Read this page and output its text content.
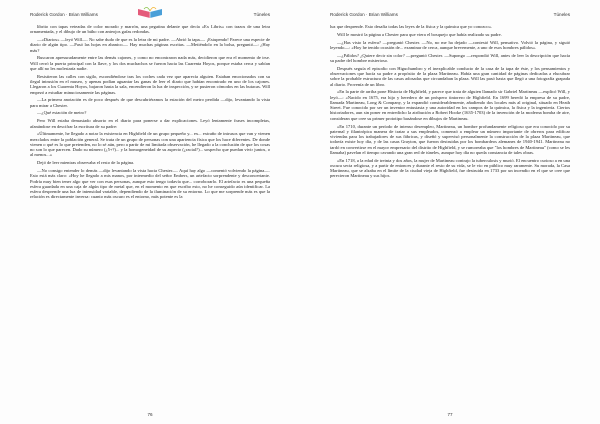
Roderick Gordon · Brian Williams	Túneles

librito con tapas veteadas de color morado y marrón, una pegatina delante que decía «Ex Libris» con trazos de una letra ornamentada, y el dibujo de un búho con anteojos gafas redondas.

—«Diarios» —leyó Will—. No sabe dudo de que es la letra de mi padre. —Abrió la tapa—. ¡Estupendo! Parece una especie de diario de algún tipo. —Pasó las hojas en abanico—. Hay muchas páginas escritas. —Metiéndolo en la bolsa, preguntó—: ¿Hay más?

Buscaron apresuradamente entre las demás cajones, y como no encontraron nada más, decidieron que era el momento de irse. Will cerró la puerta principal con la llave, y los dos muchachos se fueron hacia las Cuarenta Hoyos, porque estaba cerca y sabían que allí no les molestaría nadie.

Resistieron las calles con sigilo, escondiéndose tras los coches cada vez que aparecía alguien. Estaban emocionados con su ilegal intrusión en el museo, y apenas podían aguantar las ganas de leer el diario que habían encontrado en uno de los cajones. Llegaron a los Cuarenta Hoyos, bajaron hasta la sala, encendieron la luz de inspección, y se pusieron cómodos en las butacas. Will empezó a estudiar minuciosamente las páginas.

—La primera anotación es de poco después de que descubriéramos la estación del metro perdida —dijo, levantando la vista para mirar a Chester.

—¿Qué estación de metro?

Pero Will estaba demasiado absorto en el diario para ponerse a dar explicaciones. Leyó lentamente frases incompletas, afanándose en descifrar la escritura de su padre:

«Últimamente, he llegado a notar la existencia en Highfield de un grupo pequeño y... ex... extraño de intrusos que van y vienen mezclados entre la población general. Se trata de un grupo de personas con una apariencia física que los hace diferentes. De donde vienen o qué es lo que pretenden, no lo sé aún, pero a partir de mi limitada observación, he llegado a la conclusión de que los cosas no son lo que parecen. Dado su número (¿5+?)... y la homogeneidad de su aspecto (¿racial?)... sospecho que puedan vivir juntos, o al menos...»

Dejó de leer mientras observaba el resto de la página.

—No consigo entender lo demás —dijo levantando la vista hacia Chester—. Aquí hay algo —comentó volviendo la página—. Esto está más claro: «Hoy he llegado a mis manos, por intermedio del señor Embers, un artefacto sorprendente y desconcertante. Podría muy bien tener algo que ver con esas personas, aunque esto tengo todavía que... corroborarlo. El artefacto es una pequeña esfera guardada en una caja de algún tipo de metal que, en el momento en que escribo esto, no he conseguido aún identificar. La esfera desprende una luz de intensidad variable, dependiendo de la iluminación de su entorno. Lo que me sorprende más es que la relación es directamente inversa: cuanto más oscuro es el entorno, más potente es la

76
Roderick Gordon · Brian Williams	Túneles

luz que desprende. Esto desafía todas las leyes de la física y la química que yo conozco».

Will le mostró la página a Chester para que viera el bosquejo que había realizado su padre.

—¿Has visto la esfera? —preguntó Chester. —No, no me ha dejado —contestó Will, pensativo. Volvió la página, y siguió leyendo—: «Hoy he tenido ocasión de... examinar de cerca, aunque brevemente, a uno de esos hombres pálidos».

—¿Pálidos? ¿Quiere decir sin color? —preguntó Chester. —Supongo —respondió Will, antes de leer la descripción que hacía su padre del hombre misterioso.

Después seguía el episodio con Higuchumbro y el inexplicable conducto de la casa de la tapa de éste, y los pensamientos y observaciones que hacía su padre a propósito de la plaza Martineau. Había una gran cantidad de páginas dedicadas a elucubrar sobre la probable estructura de las casas adosadas que circundaban la plaza. Will las pasó hasta que llegó a una fotografía grapada al diario. Provenía de un libro.

«En la parte de arriba pone Historia de Highfield, y parece que trata de alguien llamado sir Gabriel Martineau —explicó Will, y leyó—: «Nacido en 1675, era hijo y heredero de un próspero tintorero de Highfield. En 1699 heredó la empresa de su padre, llamada Martineau, Long & Company, y la expandió considerablemente, añadiendo dos locales más al original, situado en Heath Street. Fue conocido por ser un inventor entusiasta y una autoridad en los campos de la química, la física y la ingeniería. Ciertos historiadores, aun sin poner en entredicho la atribución a Robert Hooke (1635-1703) de la invención de la moderna bomba de aire, consideran que cree su primer prototipo basándose en dibujos de Martineau.

»En 1710, durante un período de intenso desempleo, Martineau, un hombre profundamente religioso que era conocido por su paternal y filantrópica manera de tratar a sus empleados, comenzó a emplear un número importante de obreros para edificar viviendas para los trabajadores de sus fábricas, y diseñó y supervisó personalmente la construcción de la plaza Martineau, que todavía existe hoy día, y de las casas Grayton, que fueron destruidas por los bombardeos alemanes de 1940-1941. Martineau no tardó en convertirse en el mayor empresario del distrito de Highfield, y se rumoreaba que "los hombres de Martineau" (como se les llamaba) pavelan el tiempo cavando una gran red de túneles, aunque hoy día no queda constancia de tales obras.

»En 1718, a la edad de treinta y dos años, la mujer de Martineau contrajo la tuberculosis y murió. El encuentro curioso a en una oscura secta religiosa, y a partir de entonces y durante el resto de su vida, se le vio en público muy raramente. Su morada, la Casa Martineau, que se alzaba en el límite de la ciudad vieja de Highfield, fue destruida en 1733 por un incendio en el que se cree que perecieron Martineau y sus hijos.

77
